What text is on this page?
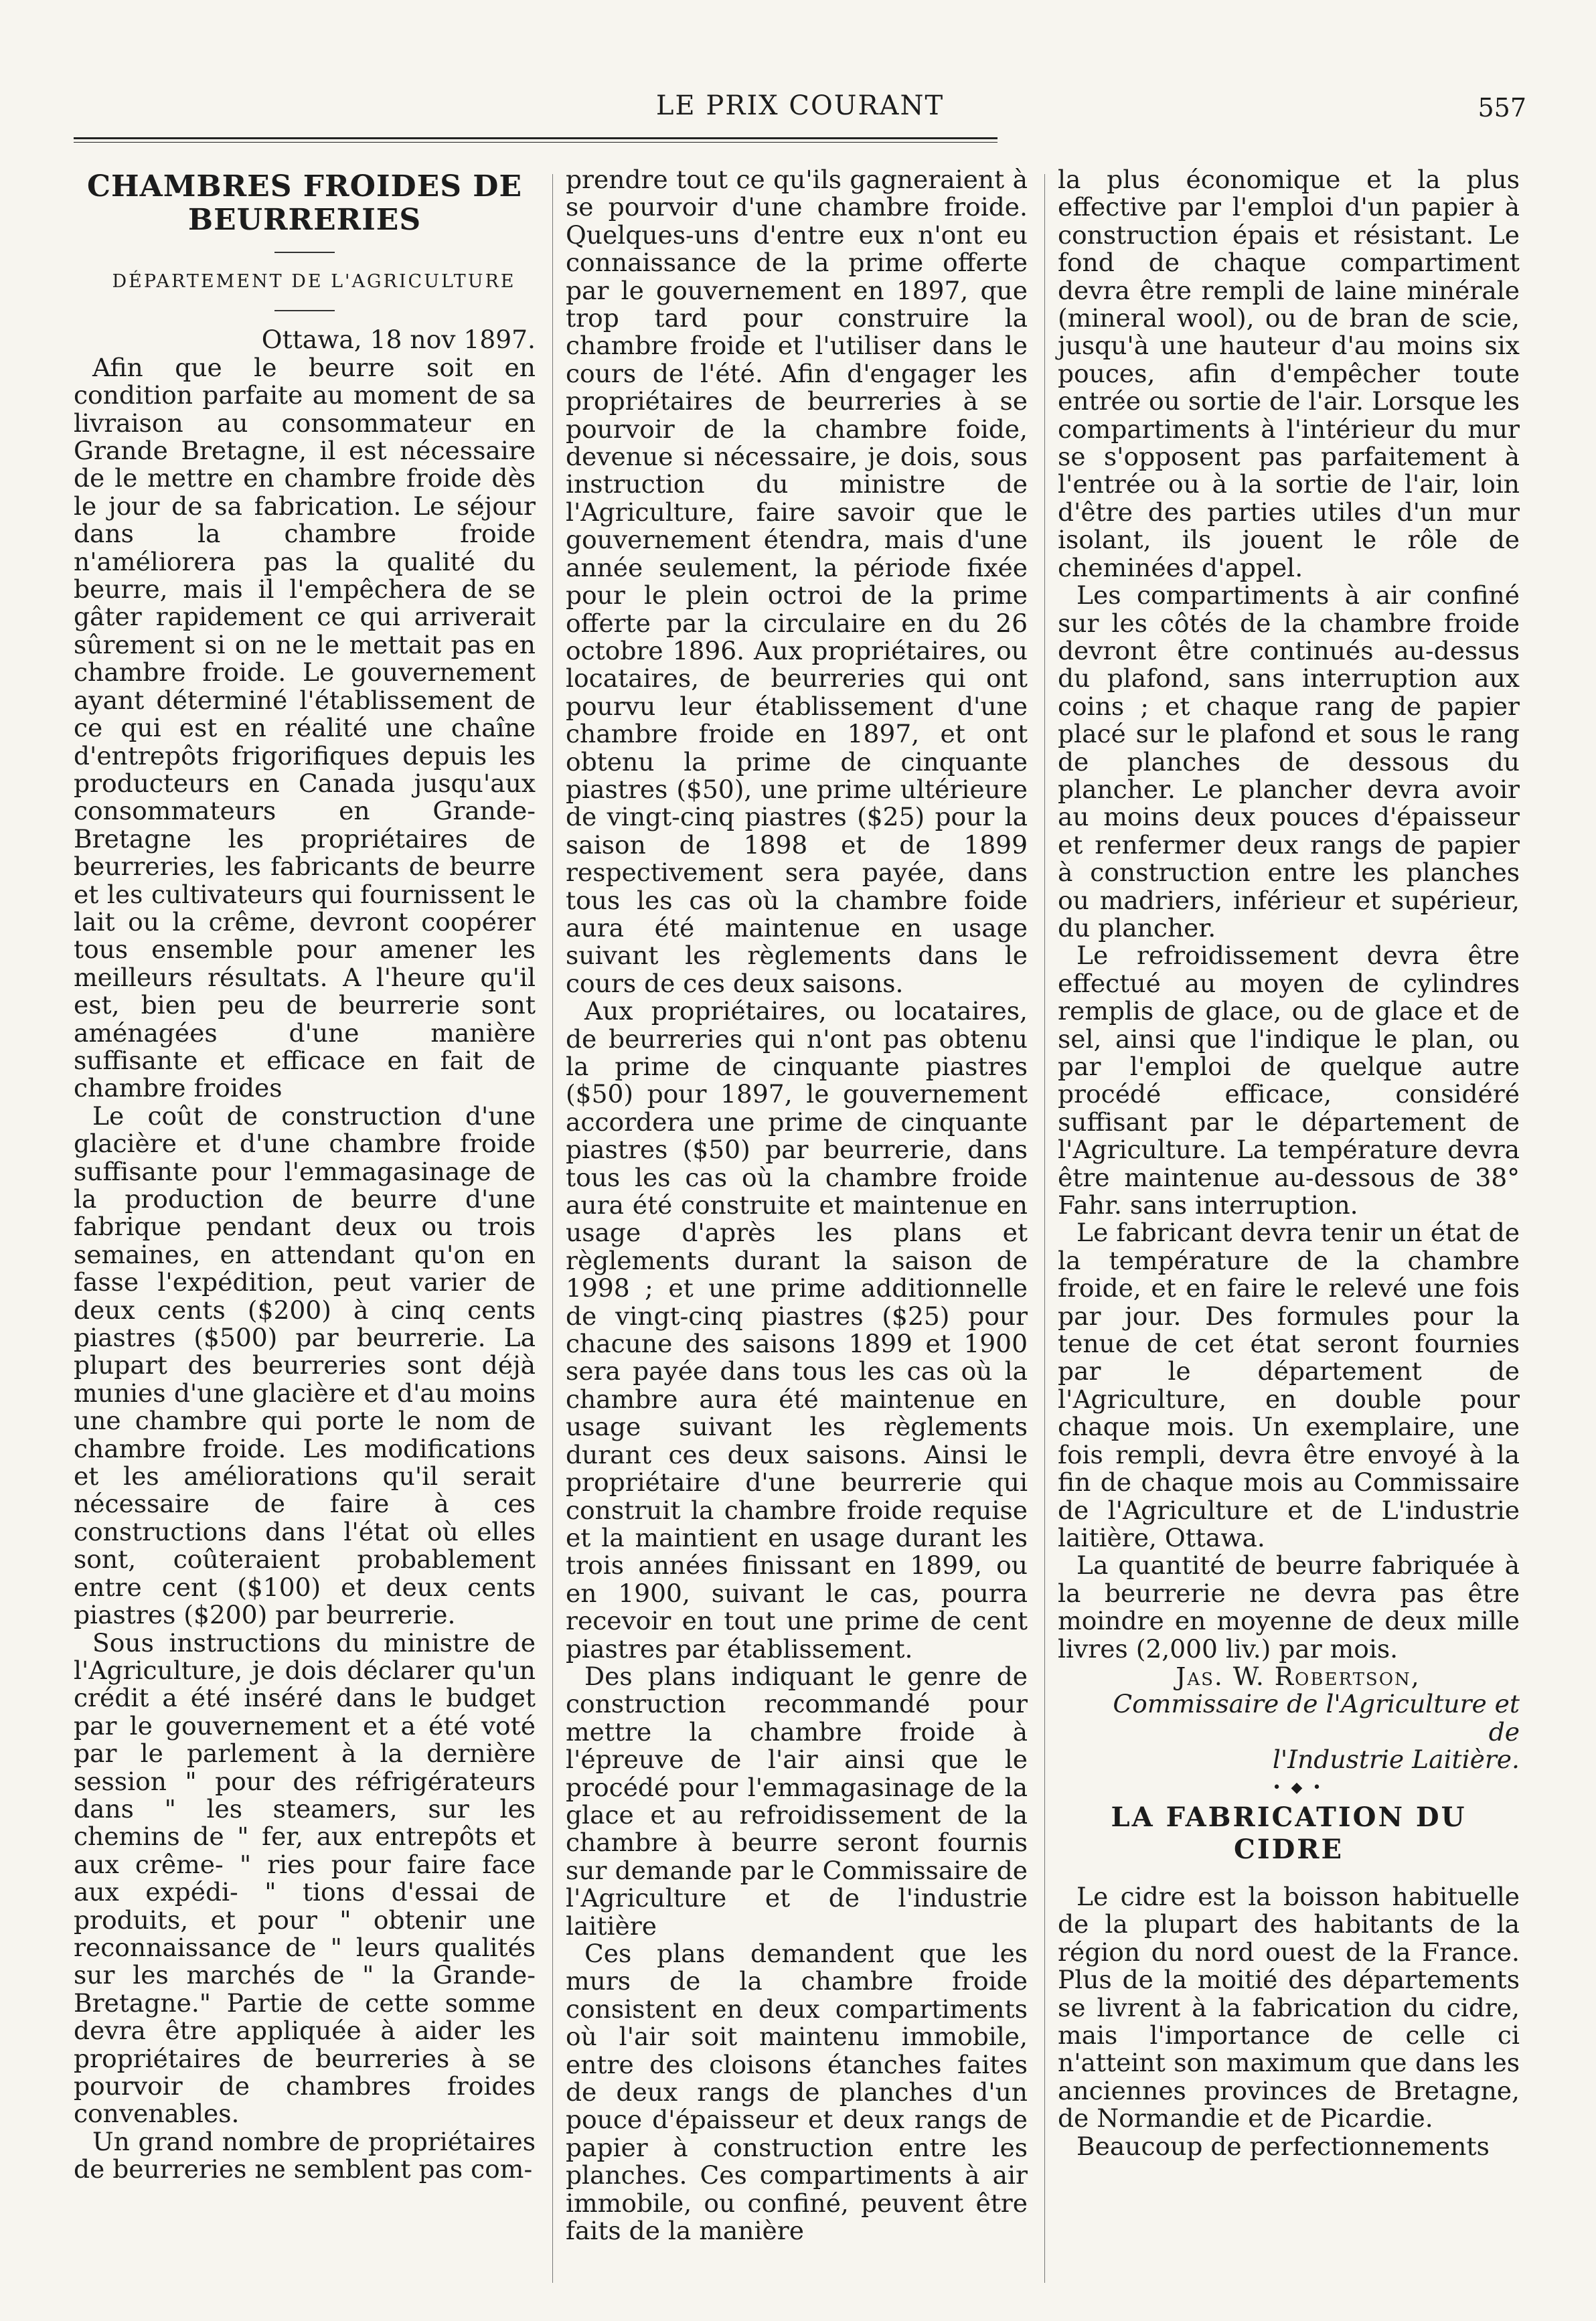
LE PRIX COURANT	557
CHAMBRES FROIDES DE BEURRERIES

DÉPARTEMENT DE L'AGRICULTURE

Ottawa, 18 nov 1897.

Afin que le beurre soit en condition parfaite au moment de sa livraison au consommateur en Grande Bretagne, il est nécessaire de le mettre en chambre froide dès le jour de sa fabrication. Le séjour dans la chambre froide n'améliorera pas la qualité du beurre, mais il l'empêchera de se gâter rapidement ce qui arriverait sûrement si on ne le mettait pas en chambre froide. Le gouvernement ayant déterminé l'établissement de ce qui est en réalité une chaîne d'entrepôts frigorifiques depuis les producteurs en Canada jusqu'aux consommateurs en Grande-Bretagne les propriétaires de beurreries, les fabricants de beurre et les cultivateurs qui fournissent le lait ou la crême, devront coopérer tous ensemble pour amener les meilleurs résultats. A l'heure qu'il est, bien peu de beurrerie sont aménagées d'une manière suffisante et efficace en fait de chambre froides

Le coût de construction d'une glacière et d'une chambre froide suffisante pour l'emmagasinage de la production de beurre d'une fabrique pendant deux ou trois semaines, en attendant qu'on en fasse l'expédition, peut varier de deux cents ($200) à cinq cents piastres ($500) par beurrerie. La plupart des beurreries sont déjà munies d'une glacière et d'au moins une chambre qui porte le nom de chambre froide. Les modifications et les améliorations qu'il serait nécessaire de faire à ces constructions dans l'état où elles sont, coûteraient probablement entre cent ($100) et deux cents piastres ($200) par beurrerie.

Sous instructions du ministre de l'Agriculture, je dois déclarer qu'un crédit a été inséré dans le budget par le gouvernement et a été voté par le parlement à la dernière session " pour des réfrigérateurs dans " les steamers, sur les chemins de " fer, aux entrepôts et aux crême- " ries pour faire face aux expédi- " tions d'essai de produits, et pour " obtenir une reconnaissance de " leurs qualités sur les marchés de " la Grande-Bretagne." Partie de cette somme devra être appliquée à aider les propriétaires de beurreries à se pourvoir de chambres froides convenables.

Un grand nombre de propriétaires de beurreries ne semblent pas com-

prendre tout ce qu'ils gagneraient à se pourvoir d'une chambre froide. Quelques-uns d'entre eux n'ont eu connaissance de la prime offerte par le gouvernement en 1897, que trop tard pour construire la chambre froide et l'utiliser dans le cours de l'été. Afin d'engager les propriétaires de beurreries à se pourvoir de la chambre foide, devenue si nécessaire, je dois, sous instruction du ministre de l'Agriculture, faire savoir que le gouvernement étendra, mais d'une année seulement, la période fixée pour le plein octroi de la prime offerte par la circulaire en du 26 octobre 1896. Aux propriétaires, ou locataires, de beurreries qui ont pourvu leur établissement d'une chambre froide en 1897, et ont obtenu la prime de cinquante piastres ($50), une prime ultérieure de vingt-cinq piastres ($25) pour la saison de 1898 et de 1899 respectivement sera payée, dans tous les cas où la chambre foide aura été maintenue en usage suivant les règlements dans le cours de ces deux saisons.

Aux propriétaires, ou locataires, de beurreries qui n'ont pas obtenu la prime de cinquante piastres ($50) pour 1897, le gouvernement accordera une prime de cinquante piastres ($50) par beurrerie, dans tous les cas où la chambre froide aura été construite et maintenue en usage d'après les plans et règlements durant la saison de 1998 ; et une prime additionnelle de vingt-cinq piastres ($25) pour chacune des saisons 1899 et 1900 sera payée dans tous les cas où la chambre aura été maintenue en usage suivant les règlements durant ces deux saisons. Ainsi le propriétaire d'une beurrerie qui construit la chambre froide requise et la maintient en usage durant les trois années finissant en 1899, ou en 1900, suivant le cas, pourra recevoir en tout une prime de cent piastres par établissement.

Des plans indiquant le genre de construction recommandé pour mettre la chambre froide à l'épreuve de l'air ainsi que le procédé pour l'emmagasinage de la glace et au refroidissement de la chambre à beurre seront fournis sur demande par le Commissaire de l'Agriculture et de l'industrie laitière

Ces plans demandent que les murs de la chambre froide consistent en deux compartiments où l'air soit maintenu immobile, entre des cloisons étanches faites de deux rangs de planches d'un pouce d'épaisseur et deux rangs de papier à construction entre les planches. Ces compartiments à air immobile, ou confiné, peuvent être faits de la manière

la plus économique et la plus effective par l'emploi d'un papier à construction épais et résistant. Le fond de chaque compartiment devra être rempli de laine minérale (mineral wool), ou de bran de scie, jusqu'à une hauteur d'au moins six pouces, afin d'empêcher toute entrée ou sortie de l'air. Lorsque les compartiments à l'intérieur du mur se s'opposent pas parfaitement à l'entrée ou à la sortie de l'air, loin d'être des parties utiles d'un mur isolant, ils jouent le rôle de cheminées d'appel.

Les compartiments à air confiné sur les côtés de la chambre froide devront être continués au-dessus du plafond, sans interruption aux coins ; et chaque rang de papier placé sur le plafond et sous le rang de planches de dessous du plancher. Le plancher devra avoir au moins deux pouces d'épaisseur et renfermer deux rangs de papier à construction entre les planches ou madriers, inférieur et supérieur, du plancher.

Le refroidissement devra être effectué au moyen de cylindres remplis de glace, ou de glace et de sel, ainsi que l'indique le plan, ou par l'emploi de quelque autre procédé efficace, considéré suffisant par le département de l'Agriculture. La température devra être maintenue au-dessous de 38° Fahr. sans interruption.

Le fabricant devra tenir un état de la température de la chambre froide, et en faire le relevé une fois par jour. Des formules pour la tenue de cet état seront fournies par le département de l'Agriculture, en double pour chaque mois. Un exemplaire, une fois rempli, devra être envoyé à la fin de chaque mois au Commissaire de l'Agriculture et de L'industrie laitière, Ottawa.

La quantité de beurre fabriquée à la beurrerie ne devra pas être moindre en moyenne de deux mille livres (2,000 liv.) par mois.

Jas. W. Robertson,

Commissaire de l'Agriculture et de

l'Industrie Laitière.

• ◆ •

LA FABRICATION DU CIDRE

Le cidre est la boisson habituelle de la plupart des habitants de la région du nord ouest de la France. Plus de la moitié des départements se livrent à la fabrication du cidre, mais l'importance de celle ci n'atteint son maximum que dans les anciennes provinces de Bretagne, de Normandie et de Picardie.

Beaucoup de perfectionnements
